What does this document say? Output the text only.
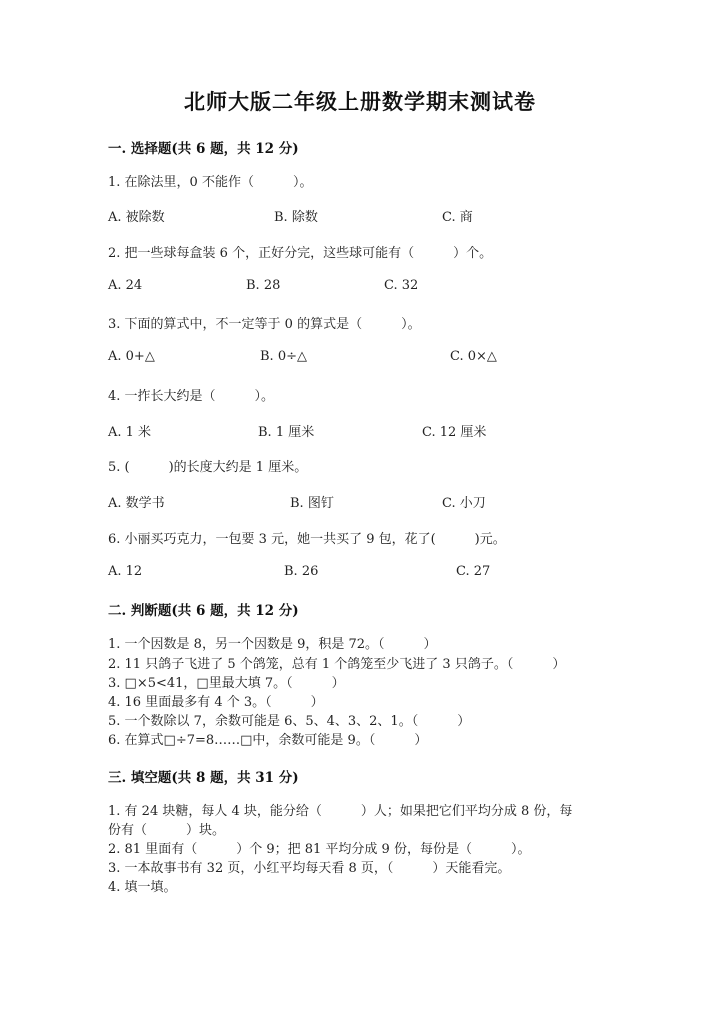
北师大版二年级上册数学期末测试卷
一. 选择题(共 6 题，共 12 分)
1. 在除法里，0 不能作（　　　）。
A. 被除数	B. 除数	C. 商
2. 把一些球每盒装 6 个，正好分完，这些球可能有（　　　）个。
A. 24	B. 28	C. 32
3. 下面的算式中，不一定等于 0 的算式是（　　　）。
A. 0+△	B. 0÷△	C. 0×△
4. 一拃长大约是（　　　）。
A. 1 米	B. 1 厘米	C. 12 厘米
5. (　　　)的长度大约是 1 厘米。
A. 数学书	B. 图钉	C. 小刀
6. 小丽买巧克力，一包要 3 元，她一共买了 9 包，花了(　　　)元。
A. 12	B. 26	C. 27
二. 判断题(共 6 题，共 12 分)
1. 一个因数是 8，另一个因数是 9，积是 72。（　　　）
2. 11 只鸽子飞进了 5 个鸽笼，总有 1 个鸽笼至少飞进了 3 只鸽子。（　　　）
3. □×5<41，□里最大填 7。（　　　）
4. 16 里面最多有 4 个 3。（　　　）
5. 一个数除以 7，余数可能是 6、5、4、3、2、1。（　　　）
6. 在算式□÷7=8……□中，余数可能是 9。（　　　）
三. 填空题(共 8 题，共 31 分)
1. 有 24 块糖，每人 4 块，能分给（　　　）人；如果把它们平均分成 8 份，每
份有（　　　）块。
2. 81 里面有（　　　）个 9；把 81 平均分成 9 份，每份是（　　　）。
3. 一本故事书有 32 页，小红平均每天看 8 页，（　　　）天能看完。
4. 填一填。
